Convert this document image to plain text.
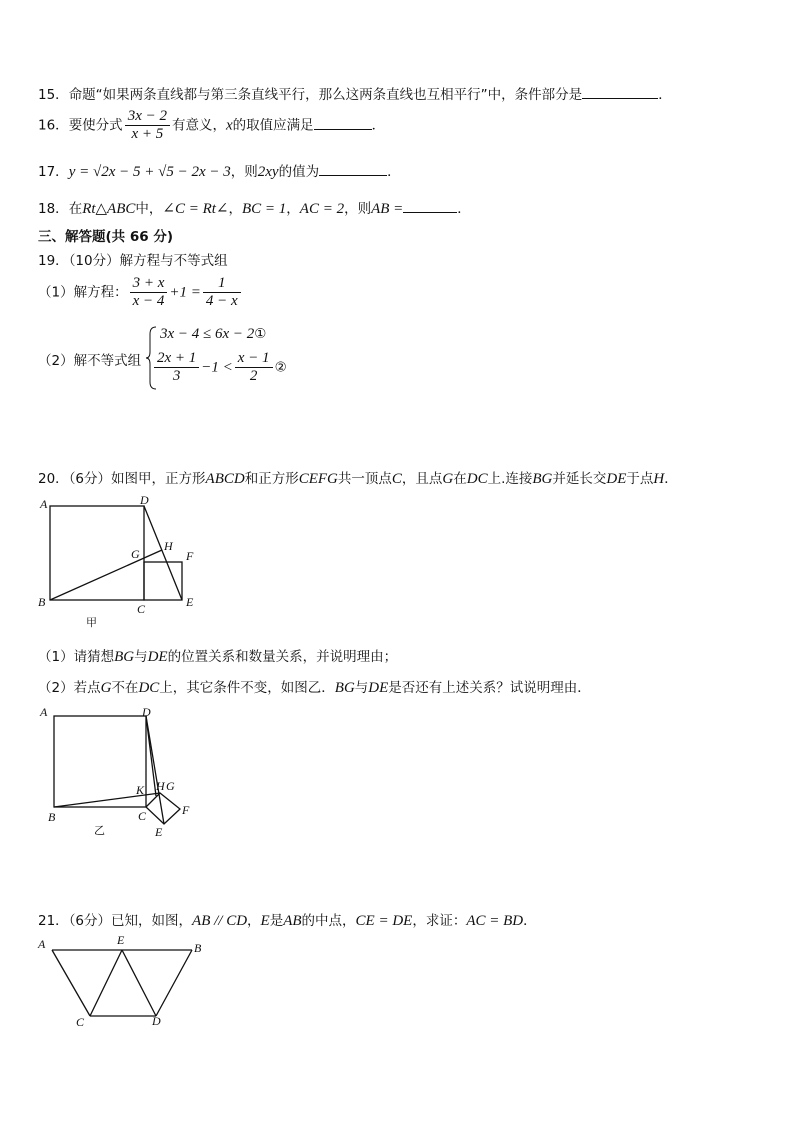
15．命题“如果两条直线都与第三条直线平行，那么这两条直线也互相平行”中，条件部分是	．
16．要使分式 $\frac{3x - 2}{x + 5}$ 有意义，x的取值应满足	．
17．y = √2x − 5 + √5 − 2x − 3，则2xy的值为	．
18．在Rt△ABC中，∠C = Rt∠，BC = 1，AC = 2，则AB =	．
三、解答题(共 66 分)
19．（10分）解方程与不等式组
（1）解方程： $\frac{3 + x}{x - 4} +1 = \frac{1}{4 - x}$
（2）解不等式组
3x − 4 ≤ 6x − 2①
$\frac{2x + 1}{3} -1 < \frac{x - 1}{2}$ ②
20．（6分）如图甲，正方形ABCD和正方形CEFG共一顶点C，且点G在DC上.连接BG并延长交DE于点H．
A	D
G
H
F
B	C	E
甲
（1）请猜想BG与DE的位置关系和数量关系，并说明理由；
（2）若点G不在DC上，其它条件不变，如图乙．BG与DE是否还有上述关系？试说明理由．
A	D
K H G
F
B	C
E
乙
21．（6分）已知，如图，AB // CD，E是AB的中点，CE = DE，求证：AC = BD．
A	E
B
C	D
